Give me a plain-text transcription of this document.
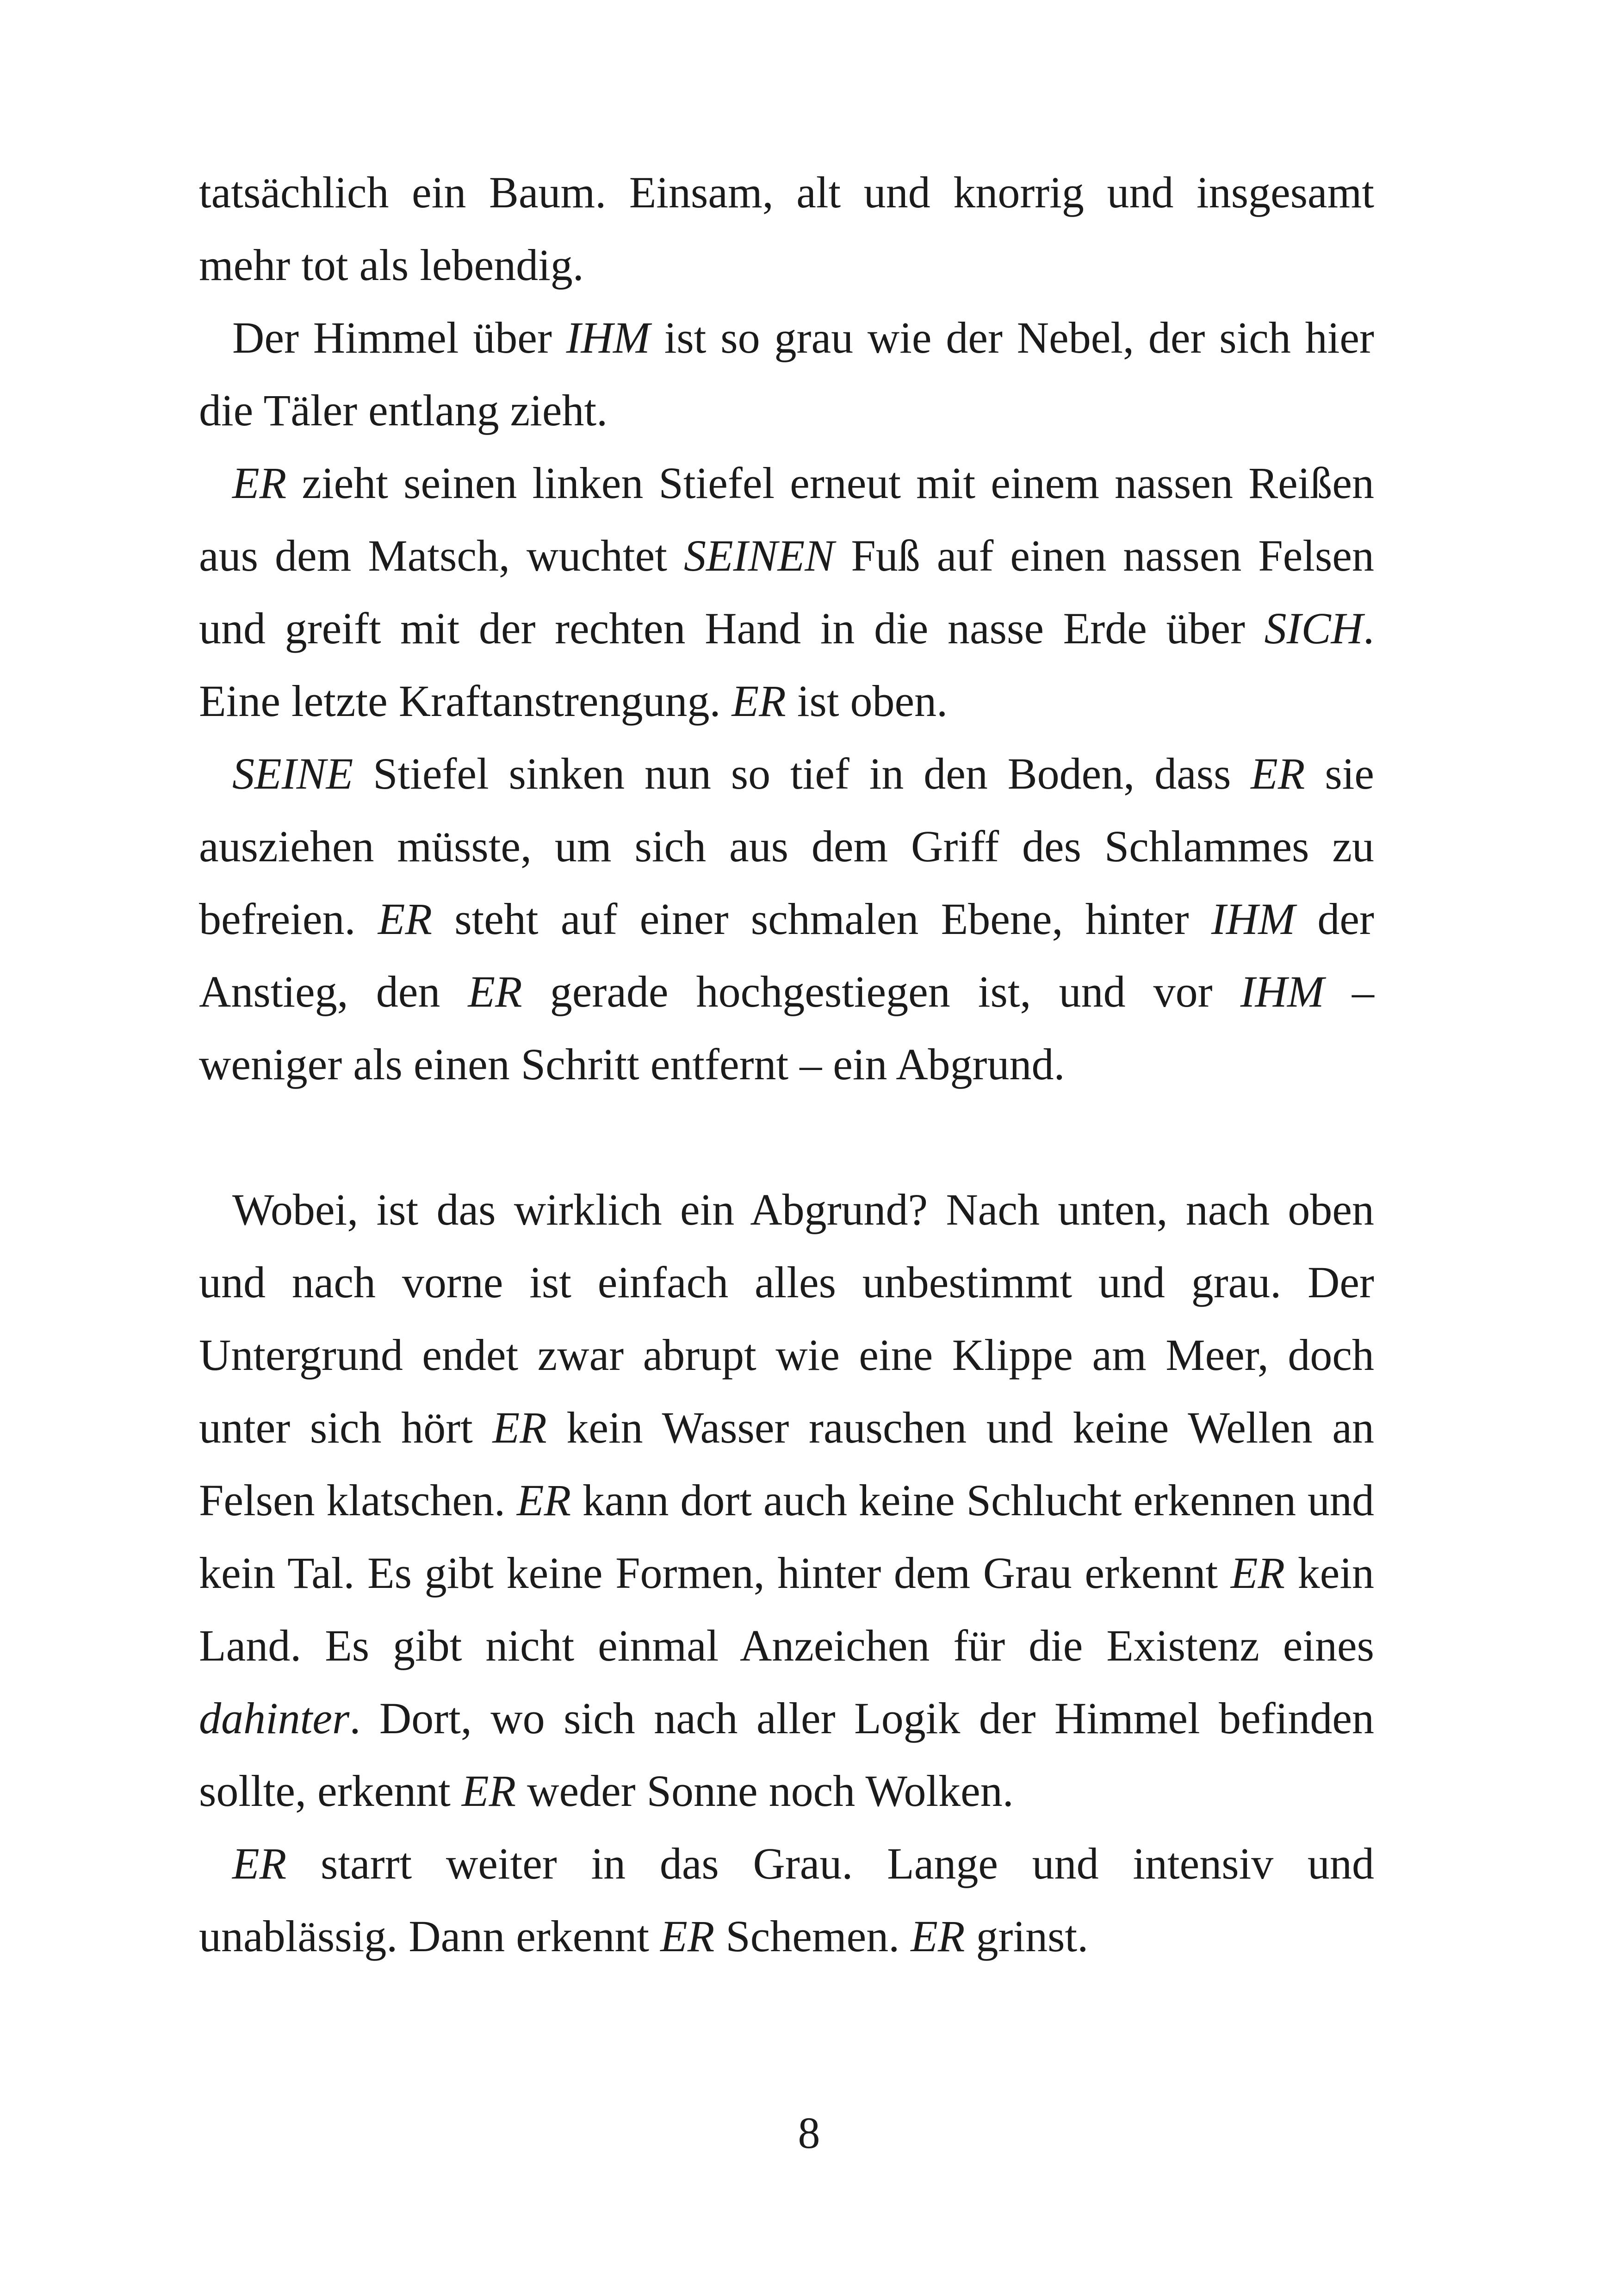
tatsächlich ein Baum. Einsam, alt und knorrig und insgesamt mehr tot als lebendig.

Der Himmel über IHM ist so grau wie der Nebel, der sich hier die Täler entlang zieht.

ER zieht seinen linken Stiefel erneut mit einem nassen Reißen aus dem Matsch, wuchtet SEINEN Fuß auf einen nassen Felsen und greift mit der rechten Hand in die nasse Erde über SICH. Eine letzte Kraftanstrengung. ER ist oben.

SEINE Stiefel sinken nun so tief in den Boden, dass ER sie ausziehen müsste, um sich aus dem Griff des Schlammes zu befreien. ER steht auf einer schmalen Ebene, hinter IHM der Anstieg, den ER gerade hochgestiegen ist, und vor IHM – weniger als einen Schritt entfernt – ein Abgrund.

Wobei, ist das wirklich ein Abgrund? Nach unten, nach oben und nach vorne ist einfach alles unbestimmt und grau. Der Untergrund endet zwar abrupt wie eine Klippe am Meer, doch unter sich hört ER kein Wasser rauschen und keine Wellen an Felsen klatschen. ER kann dort auch keine Schlucht erkennen und kein Tal. Es gibt keine Formen, hinter dem Grau erkennt ER kein Land. Es gibt nicht einmal Anzeichen für die Existenz eines dahinter. Dort, wo sich nach aller Logik der Himmel befinden sollte, erkennt ER weder Sonne noch Wolken.

ER starrt weiter in das Grau. Lange und intensiv und unablässig. Dann erkennt ER Schemen. ER grinst.

8
